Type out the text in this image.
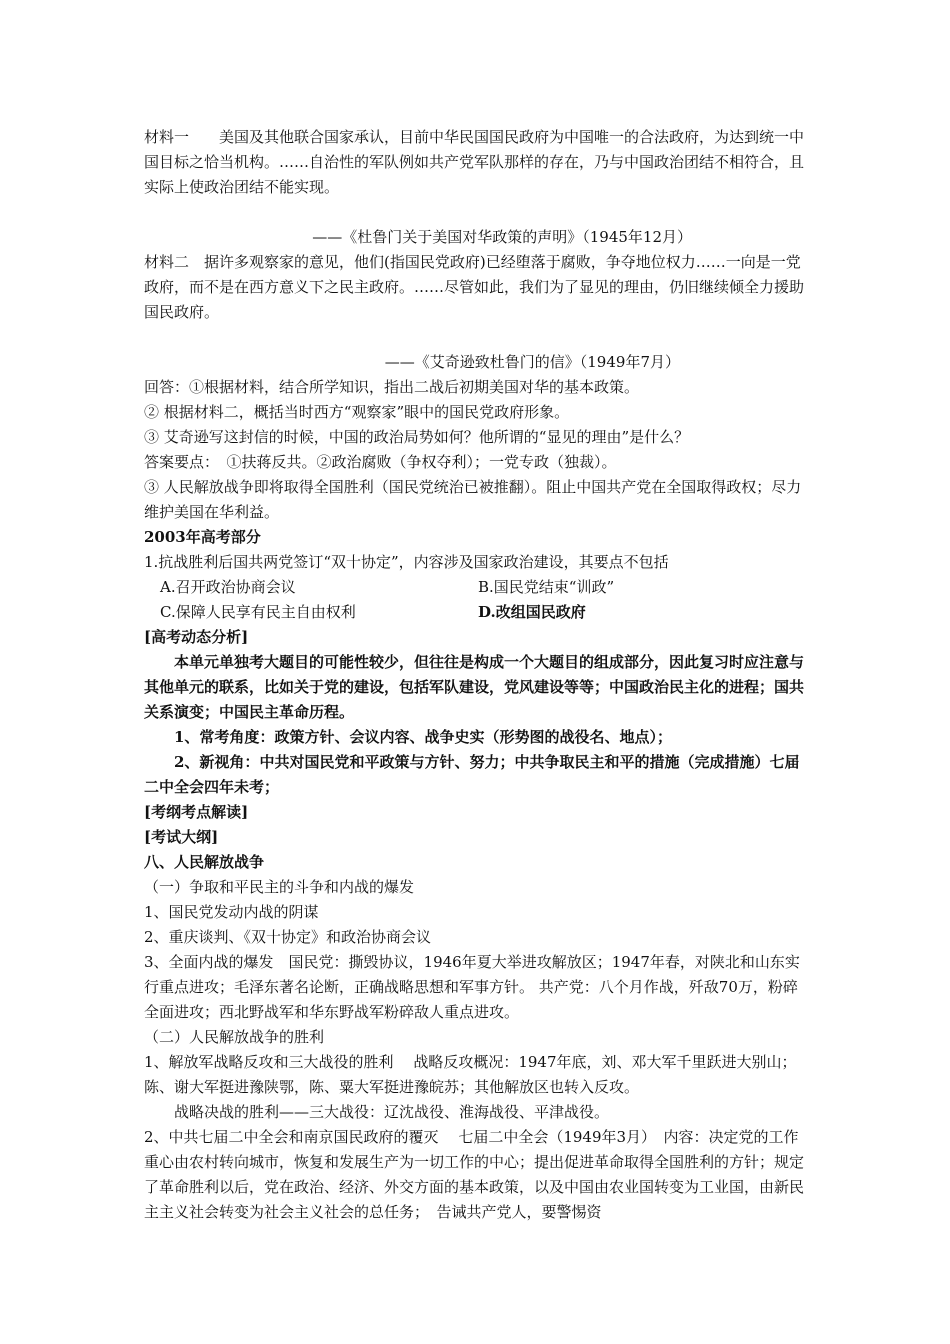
材料一　　美国及其他联合国家承认，目前中华民国国民政府为中国唯一的合法政府，为达到统一中国目标之恰当机构。……自治性的军队例如共产党军队那样的存在，乃与中国政治团结不相符合，且实际上使政治团结不能实现。

——《杜鲁门关于美国对华政策的声明》（1945年12月）

材料二　据许多观察家的意见，他们(指国民党政府)已经堕落于腐败，争夺地位权力……一向是一党政府，而不是在西方意义下之民主政府。……尽管如此，我们为了显见的理由，仍旧继续倾全力援助国民政府。

——《艾奇逊致杜鲁门的信》（1949年7月）

回答：①根据材料，结合所学知识，指出二战后初期美国对华的基本政策。

② 根据材料二，概括当时西方“观察家”眼中的国民党政府形象。

③ 艾奇逊写这封信的时候，中国的政治局势如何？他所谓的“显见的理由”是什么？

答案要点：　①扶蒋反共。②政治腐败（争权夺利）；一党专政（独裁）。

③ 人民解放战争即将取得全国胜利（国民党统治已被推翻）。阻止中国共产党在全国取得政权；尽力维护美国在华利益。

2003年高考部分

1.抗战胜利后国共两党签订“双十协定”，内容涉及国家政治建设，其要点不包括

A.召开政治协商会议	B.国民党结束“训政”
C.保障人民享有民主自由权利	D.改组国民政府

[高考动态分析]

本单元单独考大题目的可能性较少，但往往是构成一个大题目的组成部分，因此复习时应注意与其他单元的联系，比如关于党的建设，包括军队建设，党风建设等等；中国政治民主化的进程；国共关系演变；中国民主革命历程。

1、常考角度：政策方针、会议内容、战争史实（形势图的战役名、地点）；

2、新视角：中共对国民党和平政策与方针、努力；中共争取民主和平的措施（完成措施）七届二中全会四年未考；

[考纲考点解读]

[考试大纲]

八、人民解放战争

（一）争取和平民主的斗争和内战的爆发

1、国民党发动内战的阴谋

2、重庆谈判、《双十协定》和政治协商会议

3、全面内战的爆发　国民党：撕毁协议，1946年夏大举进攻解放区；1947年春，对陕北和山东实行重点进攻；毛泽东著名论断，正确战略思想和军事方针。 共产党：八个月作战，歼敌70万，粉碎全面进攻；西北野战军和华东野战军粉碎敌人重点进攻。

（二）人民解放战争的胜利

1、解放军战略反攻和三大战役的胜利　 战略反攻概况：1947年底，刘、邓大军千里跃进大别山；陈、谢大军挺进豫陕鄂，陈、粟大军挺进豫皖苏；其他解放区也转入反攻。

战略决战的胜利——三大战役：辽沈战役、淮海战役、平津战役。

2、中共七届二中全会和南京国民政府的覆灭　 七届二中全会（1949年3月）　内容：决定党的工作重心由农村转向城市，恢复和发展生产为一切工作的中心；提出促进革命取得全国胜利的方针；规定了革命胜利以后，党在政治、经济、外交方面的基本政策，以及中国由农业国转变为工业国，由新民主主义社会转变为社会主义社会的总任务；　告诫共产党人，要警惕资
